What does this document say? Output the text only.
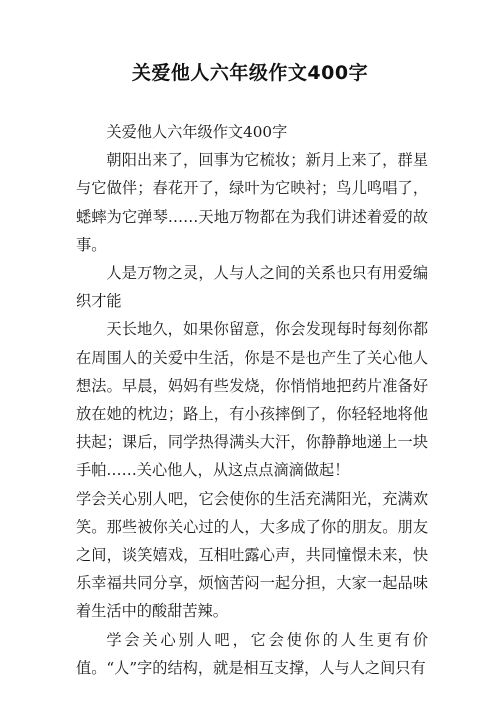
关爱他人六年级作文400字

关爱他人六年级作文400字

朝阳出来了，回事为它梳妆；新月上来了，群星与它做伴；春花开了，绿叶为它映衬；鸟儿鸣唱了，蟋蟀为它弹琴……天地万物都在为我们讲述着爱的故事。

人是万物之灵，人与人之间的关系也只有用爱编织才能

天长地久，如果你留意，你会发现每时每刻你都在周围人的关爱中生活，你是不是也产生了关心他人想法。早晨，妈妈有些发烧，你悄悄地把药片准备好放在她的枕边；路上，有小孩摔倒了，你轻轻地将他扶起；课后，同学热得满头大汗，你静静地递上一块手帕……关心他人，从这点点滴滴做起！

学会关心别人吧，它会使你的生活充满阳光，充满欢笑。那些被你关心过的人，大多成了你的朋友。朋友之间，谈笑嬉戏，互相吐露心声，共同憧憬未来，快乐幸福共同分享，烦恼苦闷一起分担，大家一起品味着生活中的酸甜苦辣。

学会关心别人吧，它会使你的人生更有价值。“人”字的结构，就是相互支撑，人与人之间只有
